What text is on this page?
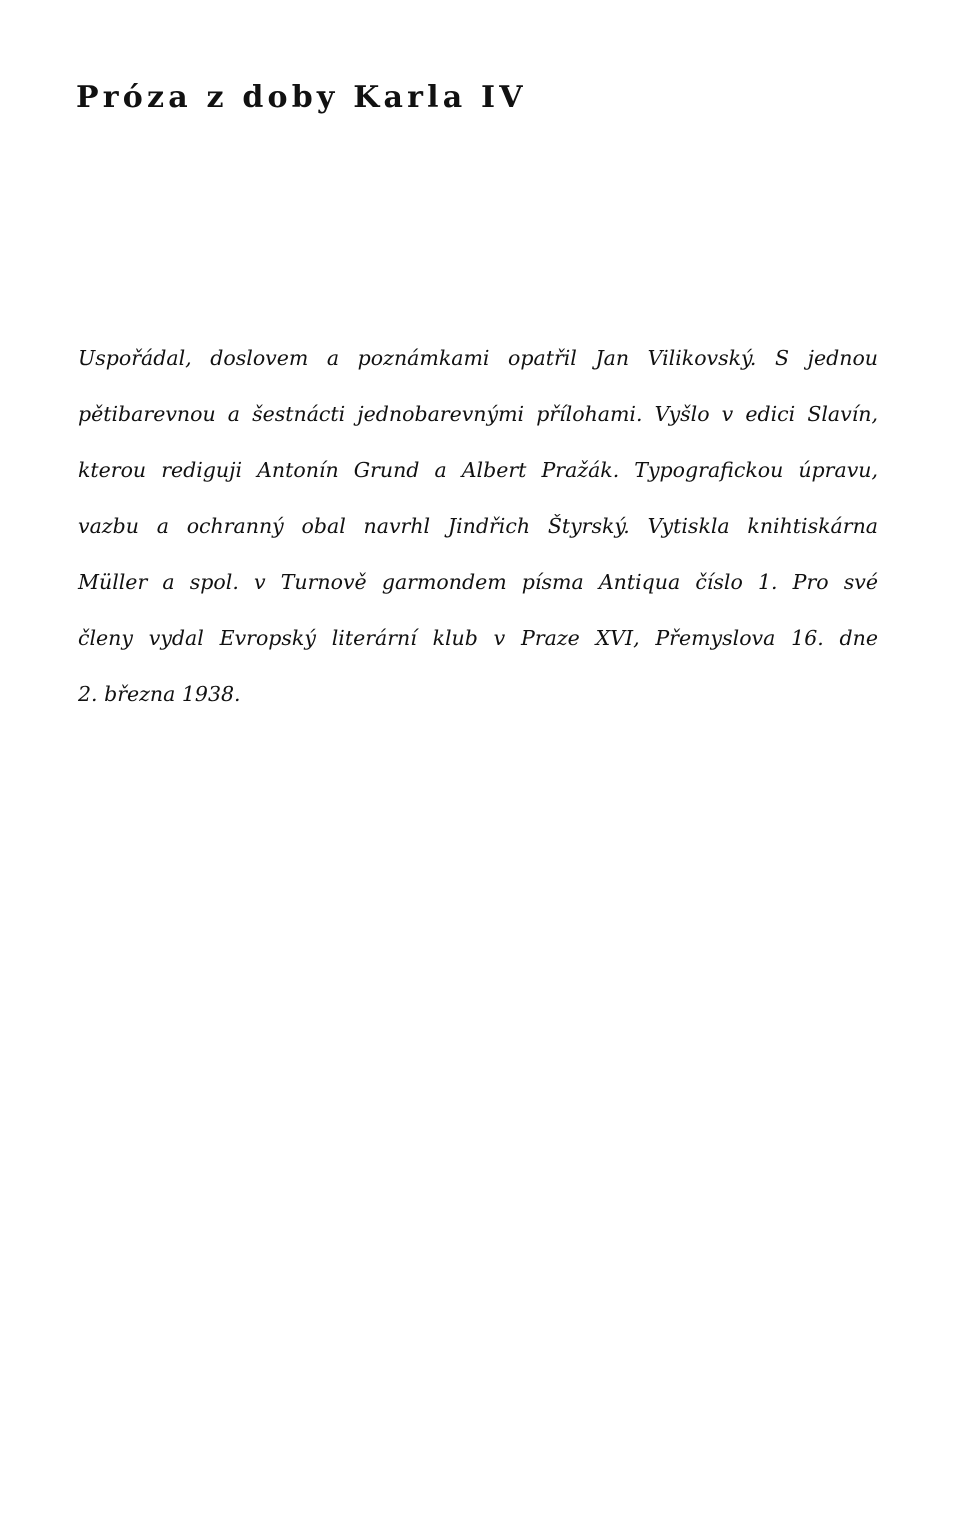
Próza z doby Karla IV
Uspořádal, doslovem a poznámkami opatřil Jan Vilikovský. S jednou
pětibarevnou a šestnácti jednobarevnými přílohami. Vyšlo v edici Slavín,
kterou rediguji Antonín Grund a Albert Pražák. Typografickou úpravu,
vazbu a ochranný obal navrhl Jindřich Štyrský. Vytiskla knihtiskárna
Müller a spol. v Turnově garmondem písma Antiqua číslo 1. Pro své
členy vydal Evropský literární klub v Praze XVI, Přemyslova 16. dne
2. března 1938.
